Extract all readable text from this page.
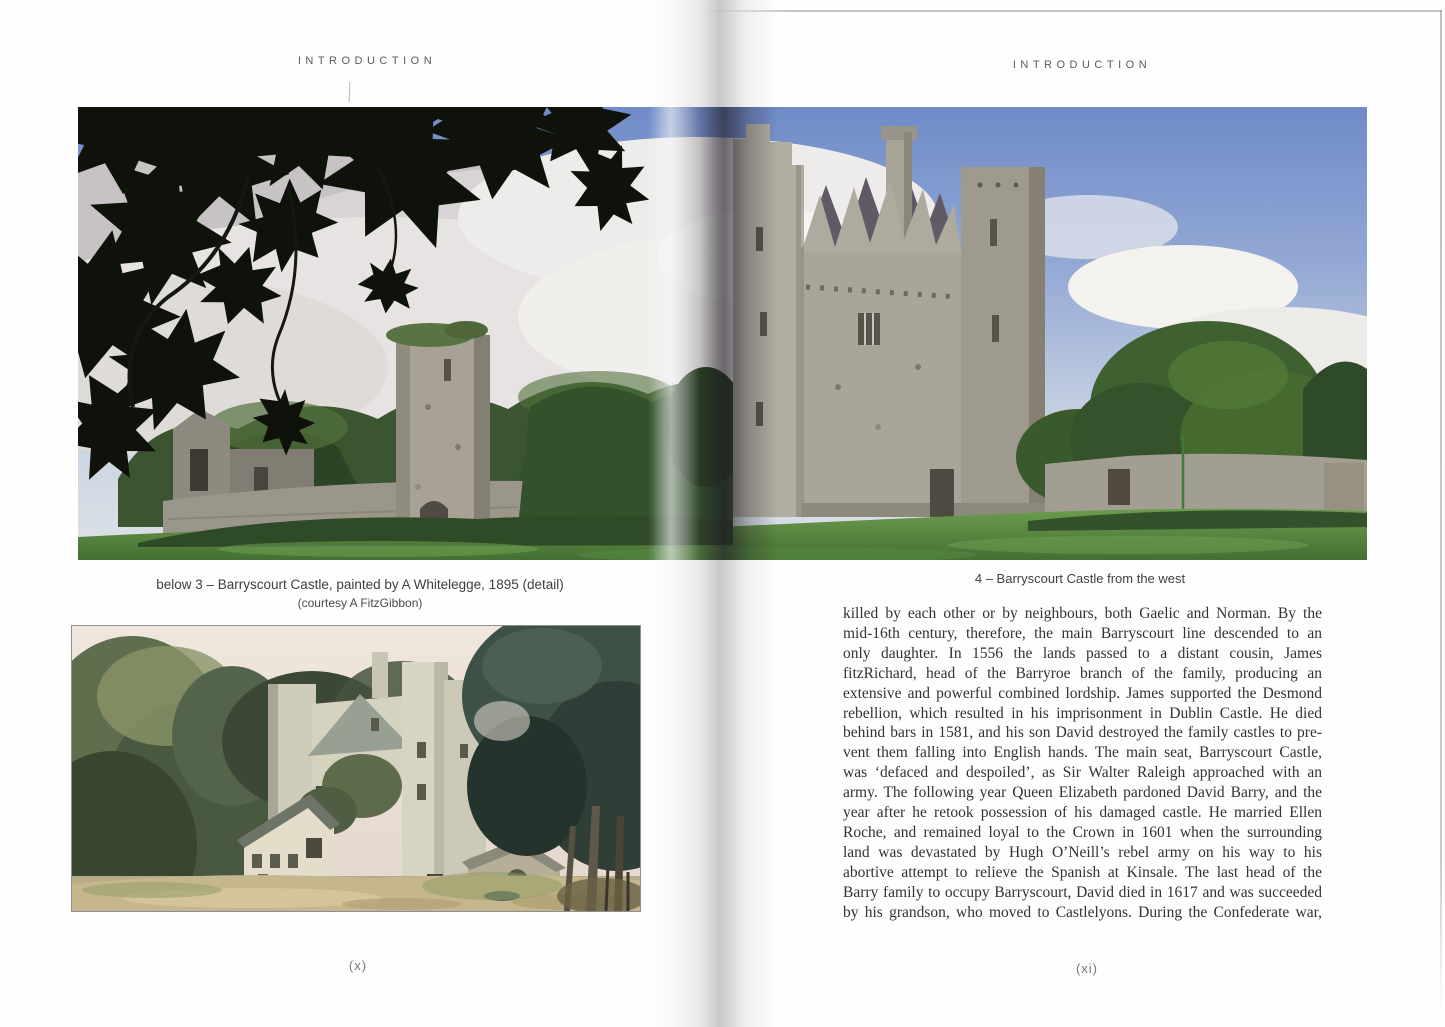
INTRODUCTION	INTRODUCTION
below 3 – Barryscourt Castle, painted by A Whitelegge, 1895 (detail)
(courtesy A FitzGibbon)
4 – Barryscourt Castle from the west
killed by each other or by neighbours, both Gaelic and Norman. By the
mid-16th century, therefore, the main Barryscourt line descended to an
only daughter. In 1556 the lands passed to a distant cousin, James
fitzRichard, head of the Barryroe branch of the family, producing an
extensive and powerful combined lordship. James supported the Desmond
rebellion, which resulted in his imprisonment in Dublin Castle. He died
behind bars in 1581, and his son David destroyed the family castles to pre-
vent them falling into English hands. The main seat, Barryscourt Castle,
was ‘defaced and despoiled’, as Sir Walter Raleigh approached with an
army. The following year Queen Elizabeth pardoned David Barry, and the
year after he retook possession of his damaged castle. He married Ellen
Roche, and remained loyal to the Crown in 1601 when the surrounding
land was devastated by Hugh O’Neill’s rebel army on his way to his
abortive attempt to relieve the Spanish at Kinsale. The last head of the
Barry family to occupy Barryscourt, David died in 1617 and was succeeded
by his grandson, who moved to Castlelyons. During the Confederate war,
(x)	(xi)
